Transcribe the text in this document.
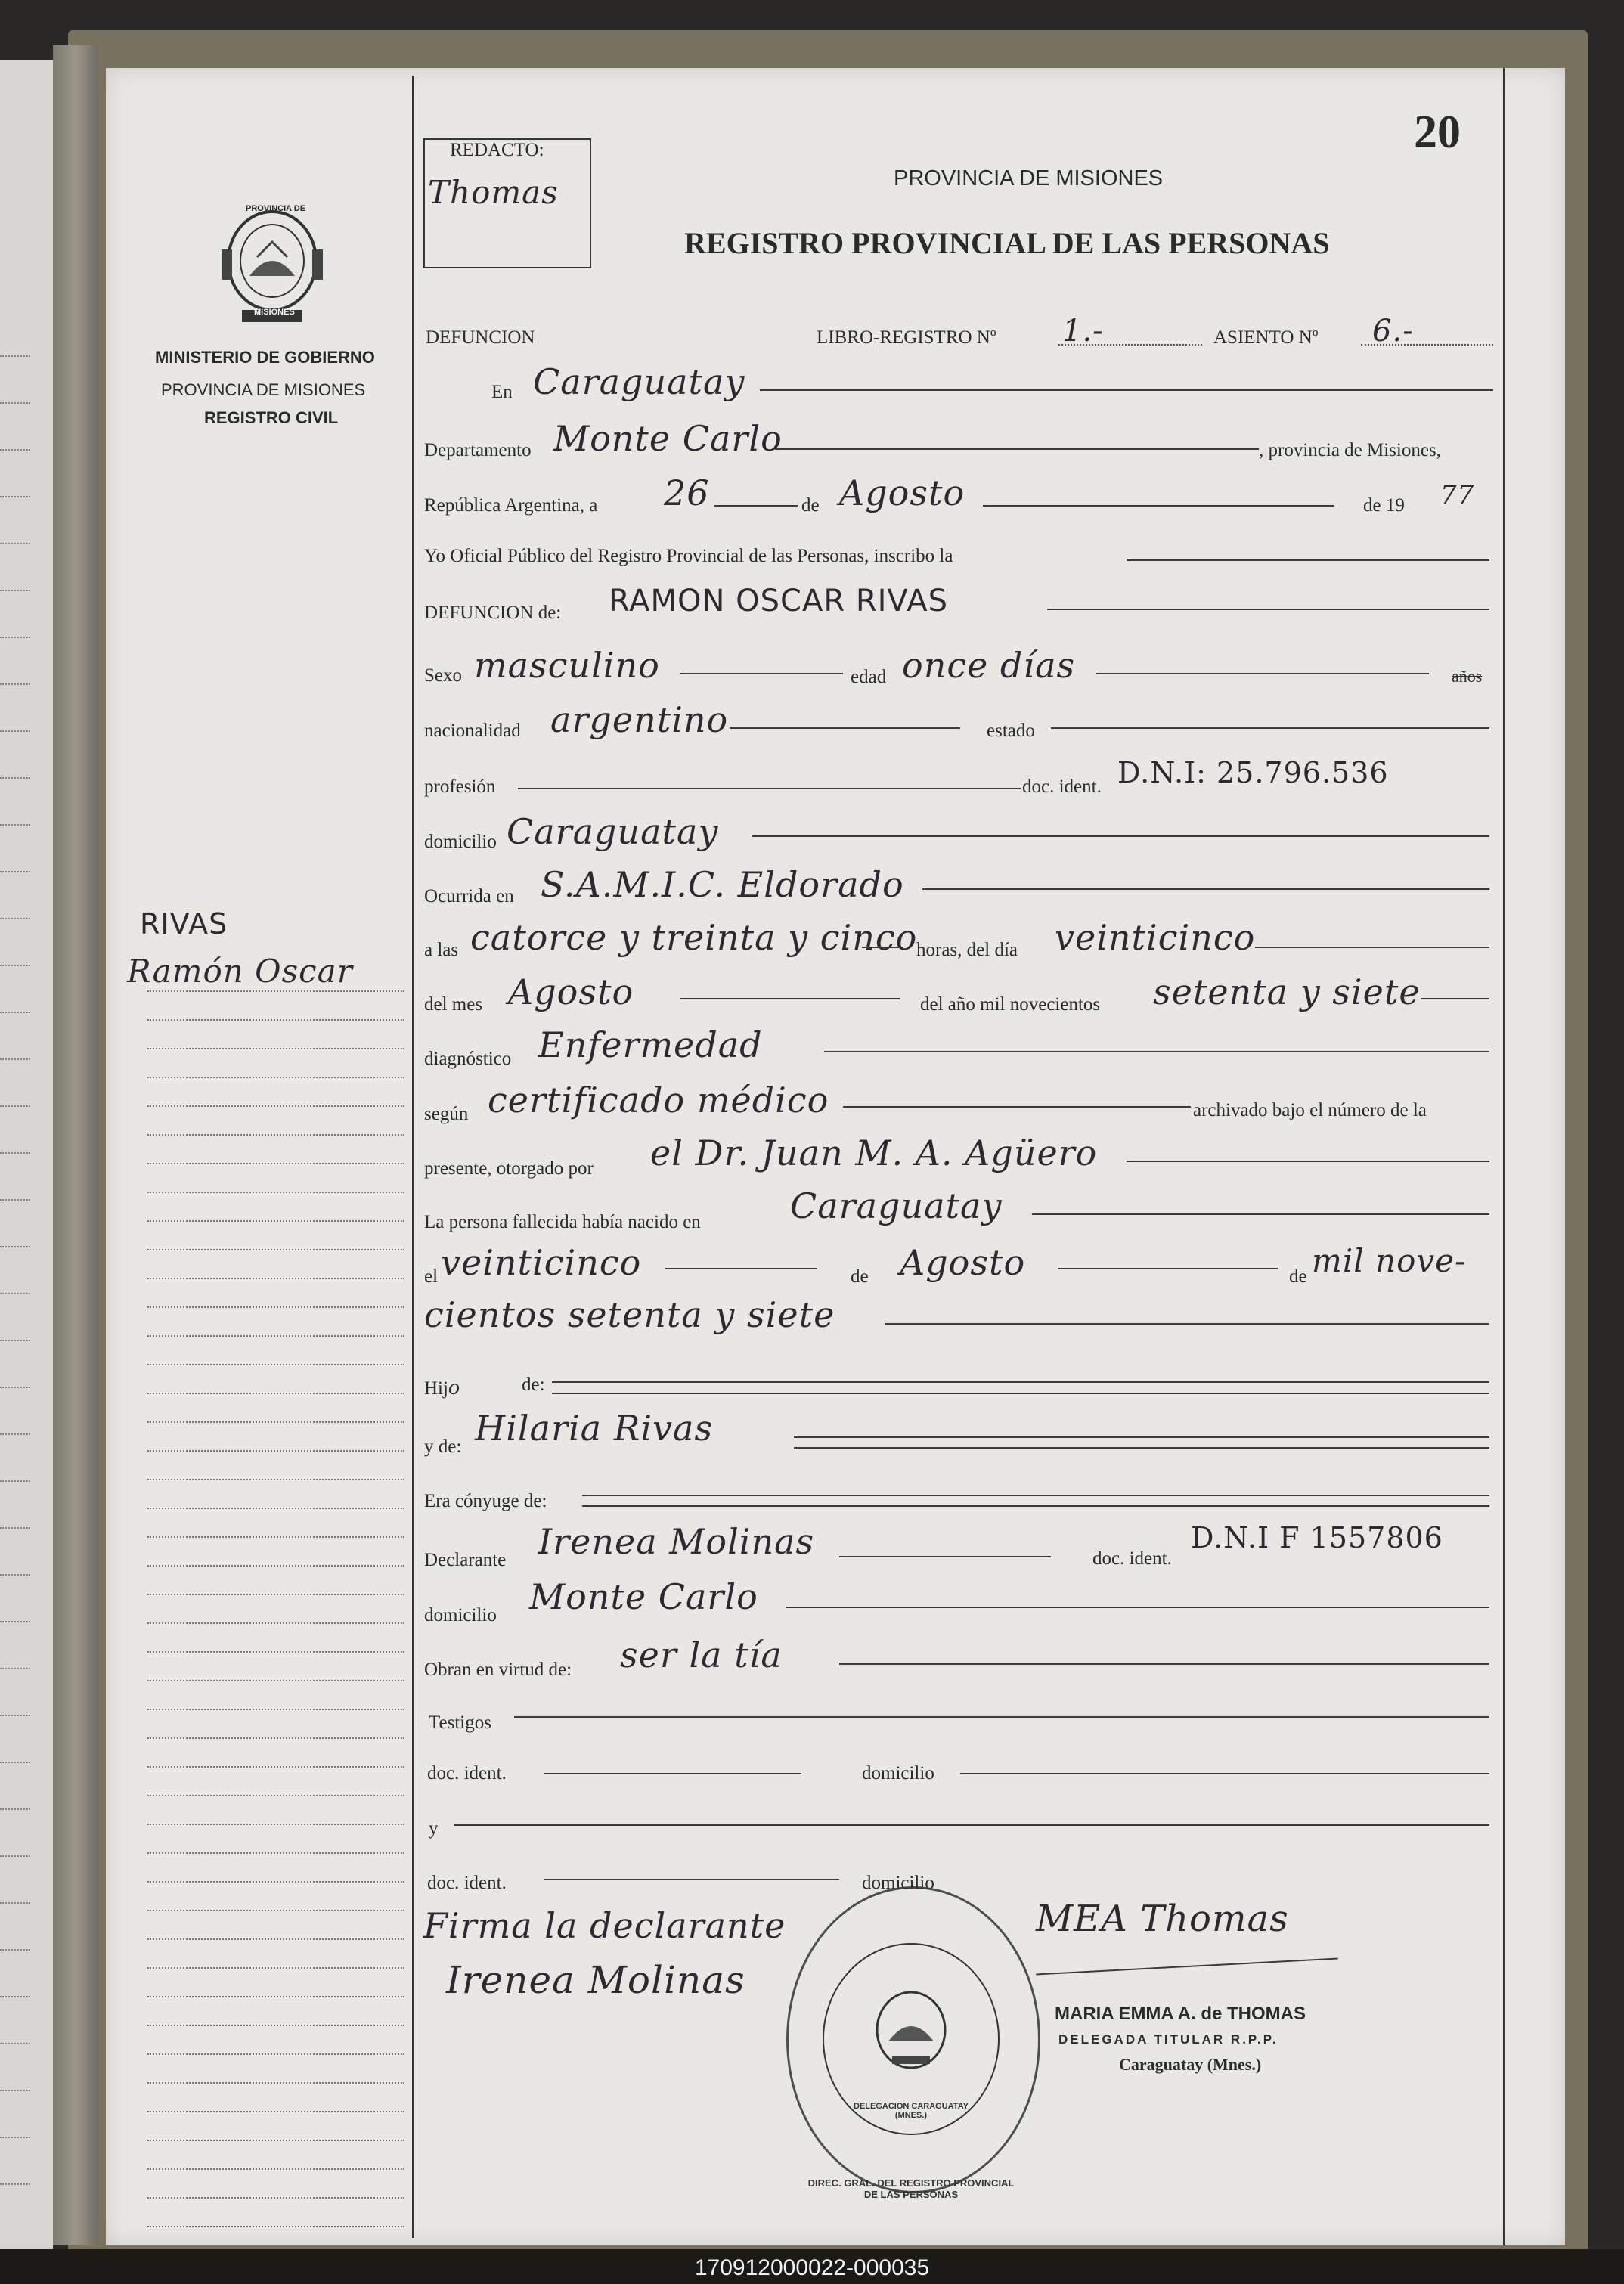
20
REDACTO:
Thomas
PROVINCIA DE
MISIONES
MINISTERIO DE GOBIERNO
PROVINCIA DE MISIONES
REGISTRO CIVIL
PROVINCIA DE MISIONES
REGISTRO PROVINCIAL DE LAS PERSONAS
DEFUNCION	LIBRO-REGISTRO Nº 1.-	ASIENTO Nº 6.-
En Caraguatay
Departamento Monte Carlo	, provincia de Misiones,
República Argentina, a 26	de Agosto	de 19 77
Yo Oficial Público del Registro Provincial de las Personas, inscribo la
DEFUNCION de: RAMON OSCAR RIVAS
Sexo masculino	edad once días	años
nacionalidad argentino	estado
profesión	doc. ident. D.N.I: 25.796.536
domicilio Caraguatay
Ocurrida en S.A.M.I.C. Eldorado
a las catorce y treinta y cinco
horas, del día veinticinco
del mes Agosto	del año mil novecientos setenta y siete
diagnóstico Enfermedad
según certificado médico	archivado bajo el número de la
presente, otorgado por el Dr. Juan M. A. Agüero
La persona fallecida había nacido en	Caraguatay
el veinticinco	de Agosto	de mil nove-
cientos setenta y siete
Hijo	de:
y de: Hilaria Rivas
Era cónyuge de:
Declarante Irenea Molinas	doc. ident.
D.N.I F 1557806
domicilio Monte Carlo
Obran en virtud de: ser la tía
Testigos
doc. ident.	domicilio
y
doc. ident.	domicilio
Firma la declarante
Irenea Molinas
MEA Thomas
MARIA EMMA A. de THOMAS
DELEGADA TITULAR R.P.P.
Caraguatay (Mnes.)
DIREC. GRAL. DEL REGISTRO PROVINCIAL DE LAS PERSONAS
DELEGACION CARAGUATAY (MNES.)
RIVAS
Ramón Oscar
170912000022-000035
